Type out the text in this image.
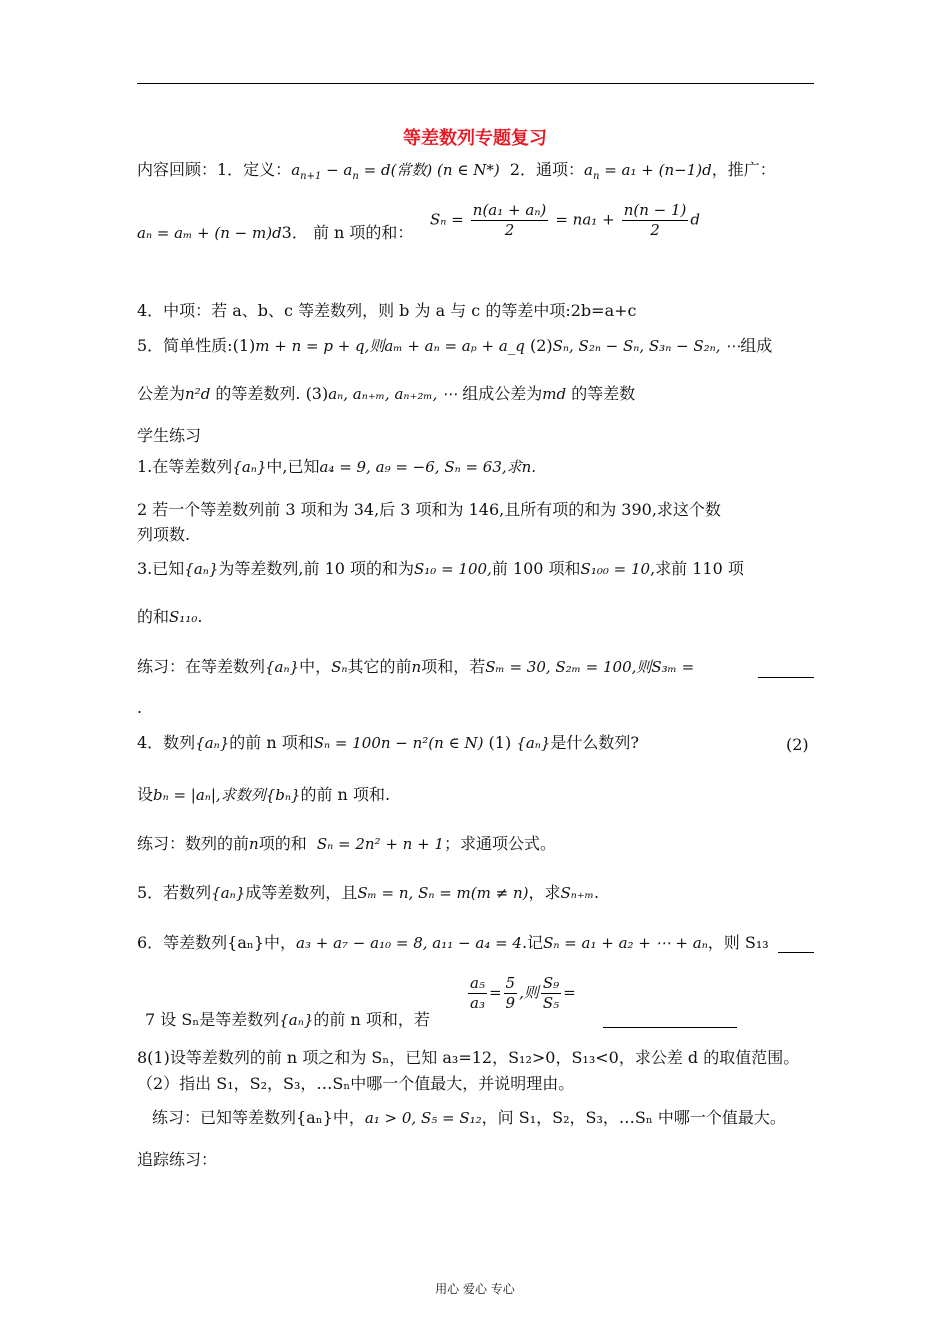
等差数列专题复习
内容回顾：1．定义：$a_{n+1} - a_n = d$(常数) (n ∈ N*) 2．通项：$a_n = a_1 + (n-1)d$，推广：
aₙ = aₘ + (n − m)d3． 前 n 项的和：
$S_n = \frac{\text{n(a₁ + aₙ)}}{2} = na_1 + \frac{n(n - 1)}{2}$ d
4．中项：若 a、b、c 等差数列，则 b 为 a 与 c 的等差中项:2b=a+c
5．简单性质:(1)m + n = p + q,则aₘ + aₙ = aₚ + a_q (2)Sₙ, S₂ₙ − Sₙ, S₃ₙ − S₂ₙ, ⋯组成
公差为n²d 的等差数列. (3)aₙ, aₙ₊ₘ, aₙ₊₂ₘ, ⋯ 组成公差为md 的等差数
学生练习
1.在等差数列{aₙ}中,已知a₄ = 9, a₉ = −6, Sₙ = 63,求n.
2 若一个等差数列前 3 项和为 34,后 3 项和为 146,且所有项的和为 390,求这个数
列项数.
3.已知{aₙ}为等差数列,前 10 项的和为S₁₀ = 100,前 100 项和S₁₀₀ = 10,求前 110 项
的和S₁₁₀.
练习：在等差数列{aₙ}中，Sₙ其它的前n项和，若Sₘ = 30, S₂ₘ = 100,则S₃ₘ =
.
4．数列{aₙ}的前 n 项和Sₙ = 100n − n²(n ∈ N) (1) {aₙ}是什么数列?	(2)
设bₙ = |aₙ|,求数列{bₙ}的前 n 项和.
练习：数列的前n项的和 Sₙ = 2n² + n + 1；求通项公式。
5．若数列{aₙ}成等差数列，且Sₘ = n, Sₙ = m(m ≠ n)，求Sₙ₊ₘ.
6．等差数列{aₙ}中，a₃ + a₇ − a₁₀ = 8, a₁₁ − a₄ = 4.记Sₙ = a₁ + a₂ + ⋯ + aₙ，则 S₁₃
7 设 Sₙ是等差数列{aₙ}的前 n 项和，若
$\frac{\text{a₅}}{\text{a₃}} = \frac{5}{9}$ ,则 $\frac{\text{S₉}}{\text{S₅}}$ =
8(1)设等差数列的前 n 项之和为 Sₙ，已知 a₃=12，S₁₂>0，S₁₃<0，求公差 d 的取值范围。
（2）指出 S₁，S₂，S₃，…Sₙ中哪一个值最大，并说明理由。
练习：已知等差数列{aₙ}中，a₁ > 0, S₅ = S₁₂，问 S₁，S₂，S₃，…Sₙ 中哪一个值最大。
追踪练习：
用心 爱心 专心
